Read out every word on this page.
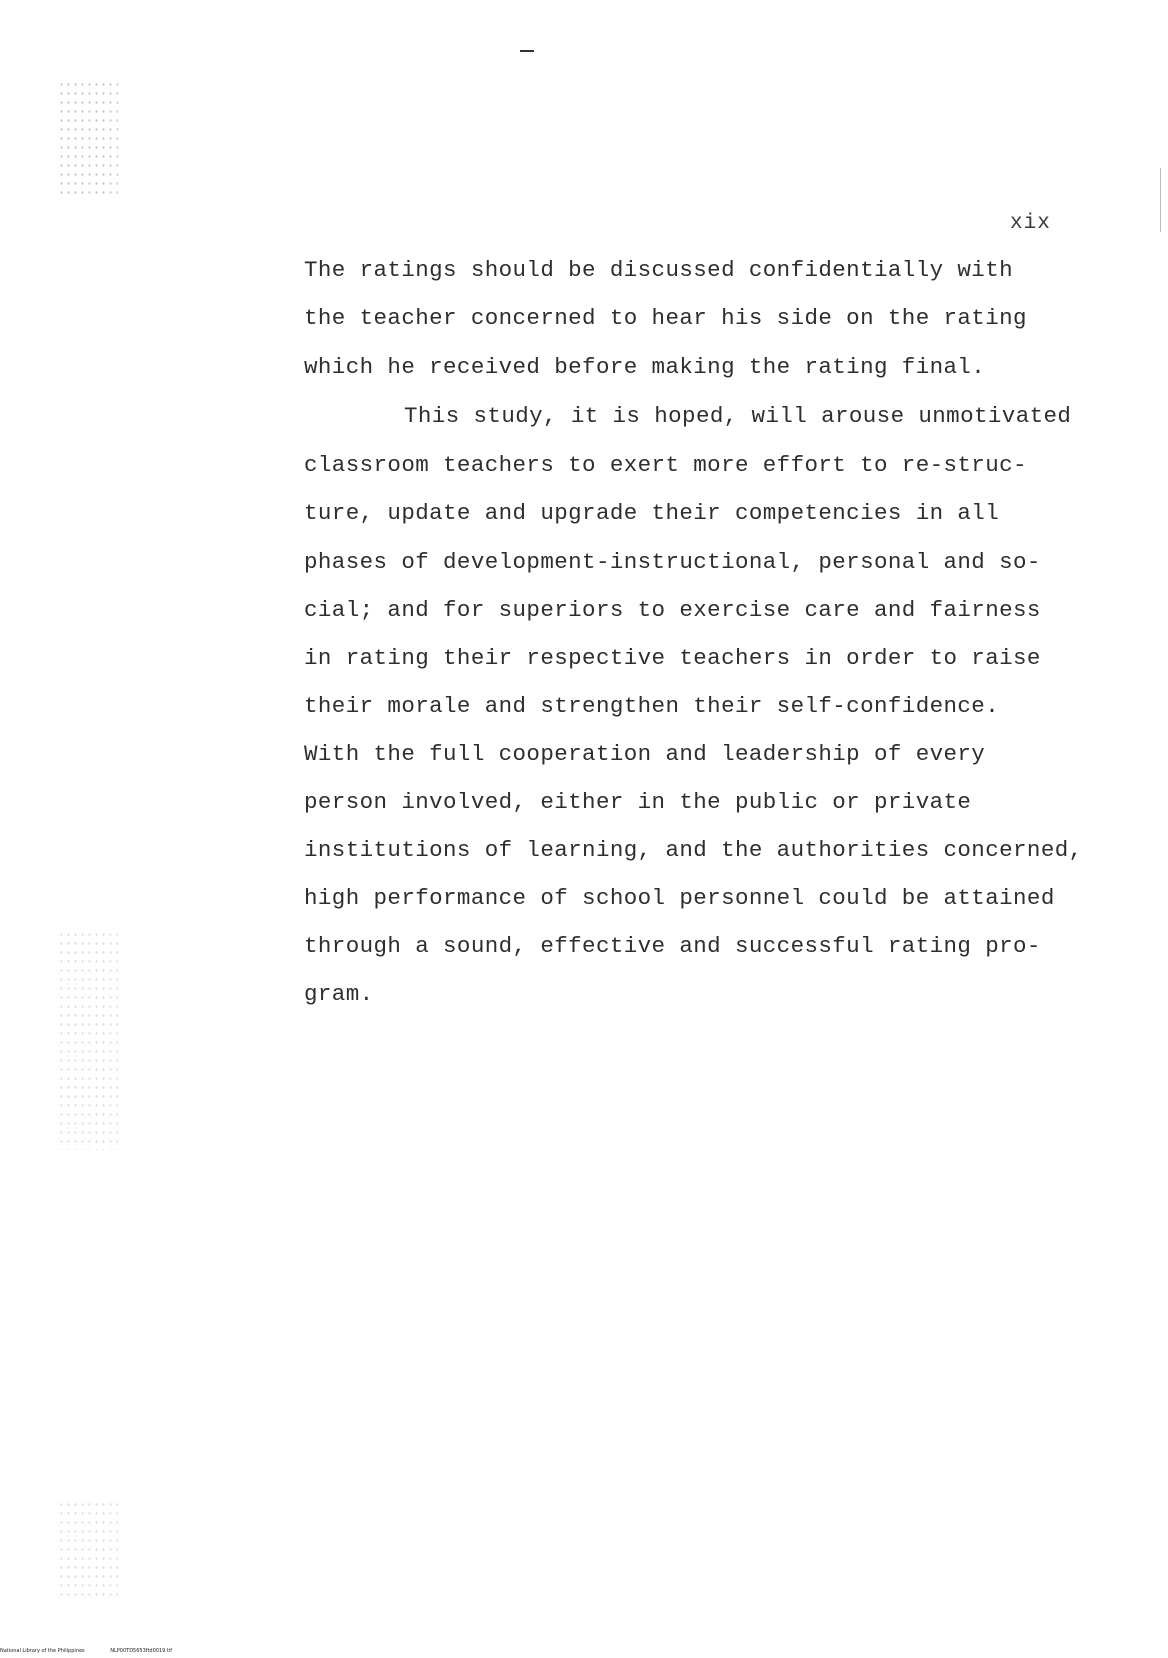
xix
The ratings should be discussed confidentially with
the teacher concerned to hear his side on the rating
which he received before making the rating final.
This study, it is hoped, will arouse unmotivated
classroom teachers to exert more effort to re-struc-
ture, update and upgrade their competencies in all
phases of development-instructional, personal and so-
cial; and for superiors to exercise care and fairness
in rating their respective teachers in order to raise
their morale and strengthen their self-confidence.
With the full cooperation and leadership of every
person involved, either in the public or private
institutions of learning, and the authorities concerned,
high performance of school personnel could be attained
through a sound, effective and successful rating pro-
gram.
National Library of the Philippines	NLP00TD5653ftd0019.tif
